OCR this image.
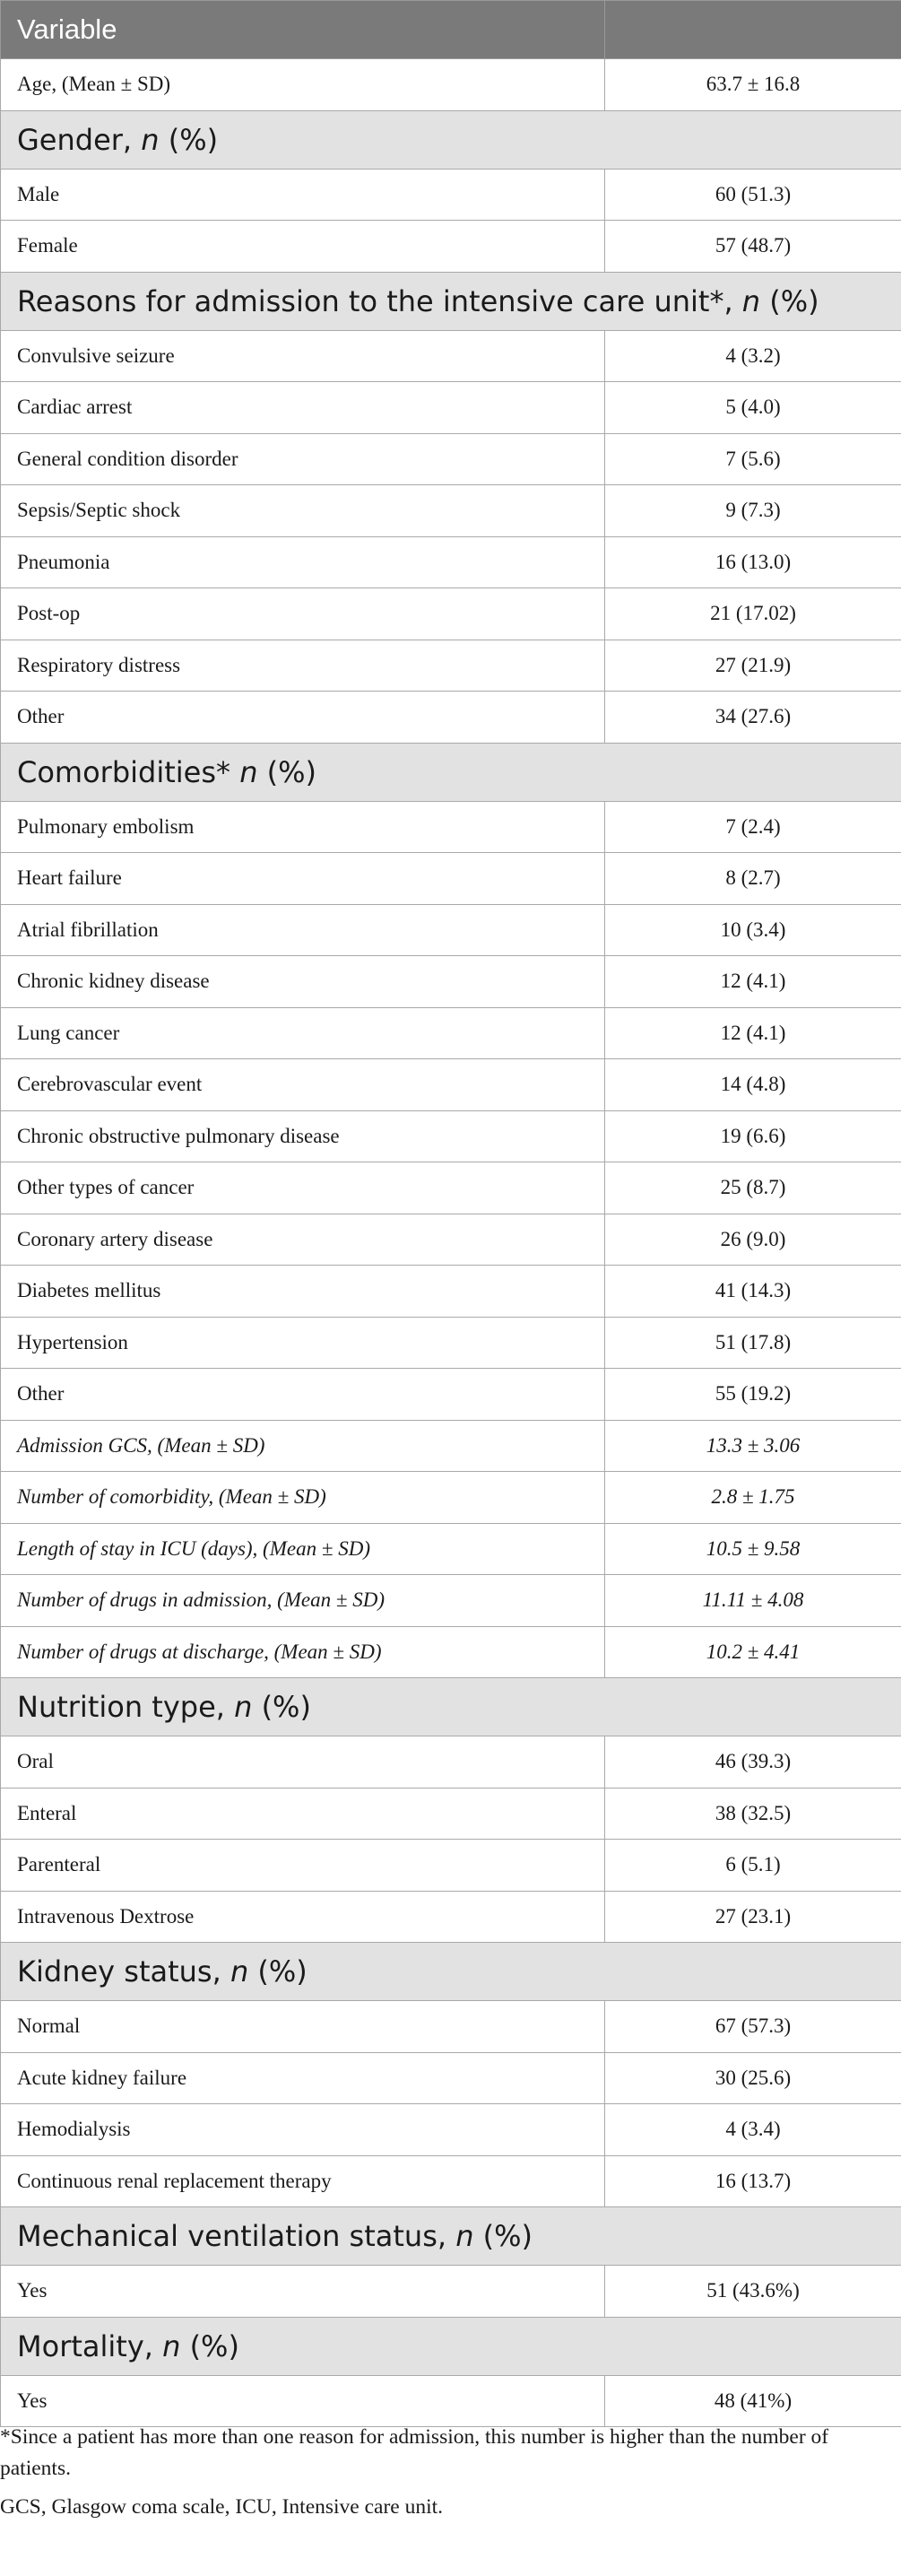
Variable	
Age, (Mean ± SD)	63.7 ± 16.8
Gender, n (%)	
Male	60 (51.3)
Female	57 (48.7)
Reasons for admission to the intensive care unit*, n (%)	
Convulsive seizure	4 (3.2)
Cardiac arrest	5 (4.0)
General condition disorder	7 (5.6)
Sepsis/Septic shock	9 (7.3)
Pneumonia	16 (13.0)
Post-op	21 (17.02)
Respiratory distress	27 (21.9)
Other	34 (27.6)
Comorbidities* n (%)	
Pulmonary embolism	7 (2.4)
Heart failure	8 (2.7)
Atrial fibrillation	10 (3.4)
Chronic kidney disease	12 (4.1)
Lung cancer	12 (4.1)
Cerebrovascular event	14 (4.8)
Chronic obstructive pulmonary disease	19 (6.6)
Other types of cancer	25 (8.7)
Coronary artery disease	26 (9.0)
Diabetes mellitus	41 (14.3)
Hypertension	51 (17.8)
Other	55 (19.2)
Admission GCS, (Mean ± SD)	13.3 ± 3.06
Number of comorbidity, (Mean ± SD)	2.8 ± 1.75
Length of stay in ICU (days), (Mean ± SD)	10.5 ± 9.58
Number of drugs in admission, (Mean ± SD)	11.11 ± 4.08
Number of drugs at discharge, (Mean ± SD)	10.2 ± 4.41
Nutrition type, n (%)	
Oral	46 (39.3)
Enteral	38 (32.5)
Parenteral	6 (5.1)
Intravenous Dextrose	27 (23.1)
Kidney status, n (%)	
Normal	67 (57.3)
Acute kidney failure	30 (25.6)
Hemodialysis	4 (3.4)
Continuous renal replacement therapy	16 (13.7)
Mechanical ventilation status, n (%)	
Yes	51 (43.6%)
Mortality, n (%)	
Yes	48 (41%)

*Since a patient has more than one reason for admission, this number is higher than the number of patients.

GCS, Glasgow coma scale, ICU, Intensive care unit.
